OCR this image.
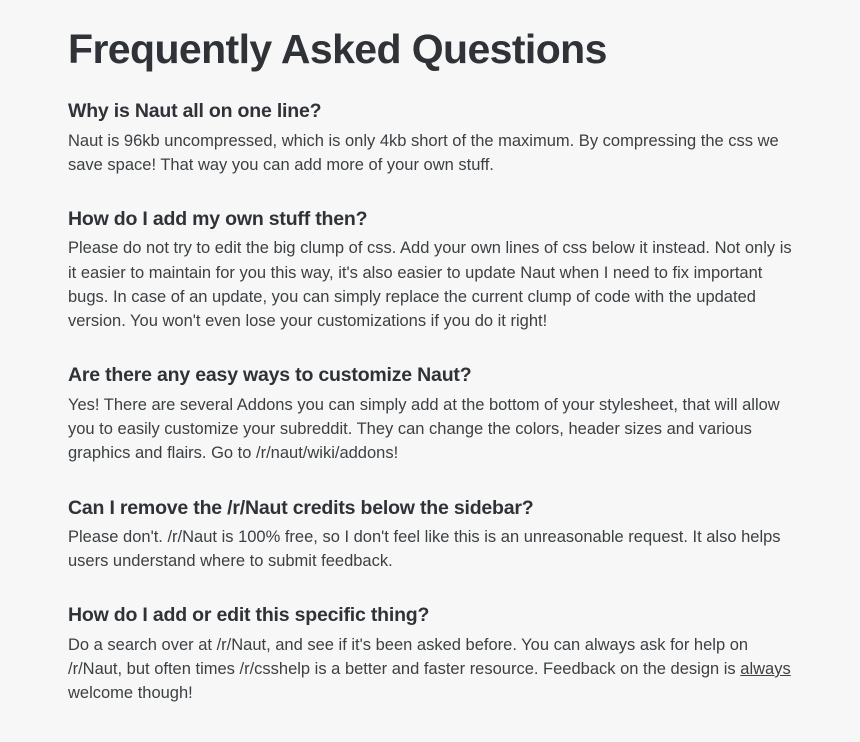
Frequently Asked Questions
Why is Naut all on one line?

Naut is 96kb uncompressed, which is only 4kb short of the maximum. By compressing the css we save space! That way you can add more of your own stuff.

How do I add my own stuff then?

Please do not try to edit the big clump of css. Add your own lines of css below it instead. Not only is it easier to maintain for you this way, it's also easier to update Naut when I need to fix important bugs. In case of an update, you can simply replace the current clump of code with the updated version. You won't even lose your customizations if you do it right!

Are there any easy ways to customize Naut?

Yes! There are several Addons you can simply add at the bottom of your stylesheet, that will allow you to easily customize your subreddit. They can change the colors, header sizes and various graphics and flairs. Go to /r/naut/wiki/addons!

Can I remove the /r/Naut credits below the sidebar?

Please don't. /r/Naut is 100% free, so I don't feel like this is an unreasonable request. It also helps users understand where to submit feedback.

How do I add or edit this specific thing?

Do a search over at /r/Naut, and see if it's been asked before. You can always ask for help on /r/Naut, but often times /r/csshelp is a better and faster resource. Feedback on the design is always welcome though!
